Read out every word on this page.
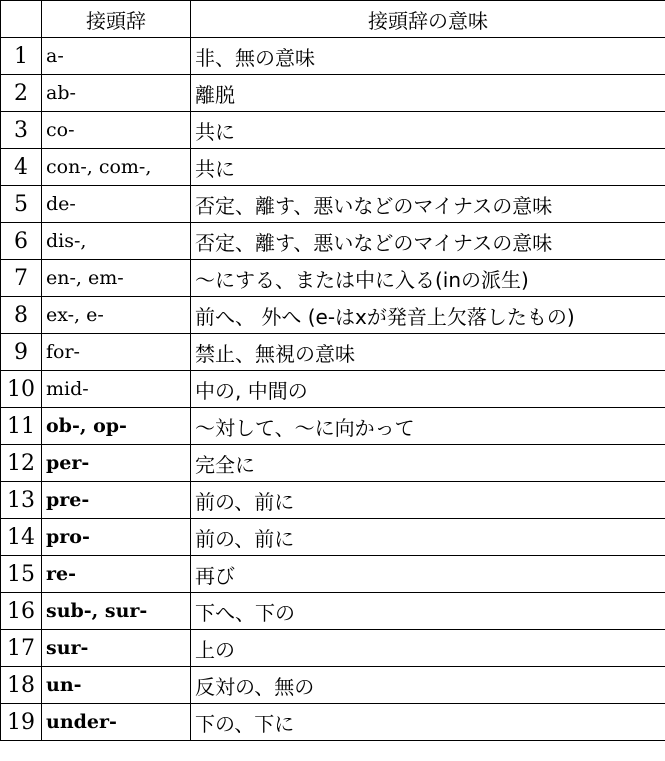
	接頭辞	接頭辞の意味
1	a-	非、無の意味
2	ab-	離脱
3	co-	共に
4	con-, com-,	共に
5	de-	否定、離す、悪いなどのマイナスの意味
6	dis-,	否定、離す、悪いなどのマイナスの意味
7	en-, em-	〜にする、または中に入る(inの派生)
8	ex-, e-	前へ、 外へ (e-はxが発音上欠落したもの)
9	for-	禁止、無視の意味
10	mid-	中の, 中間の
11	ob-, op-	〜対して、〜に向かって
12	per-	完全に
13	pre-	前の、前に
14	pro-	前の、前に
15	re-	再び
16	sub-, sur-	下へ、下の
17	sur-	上の
18	un-	反対の、無の
19	under-	下の、下に
